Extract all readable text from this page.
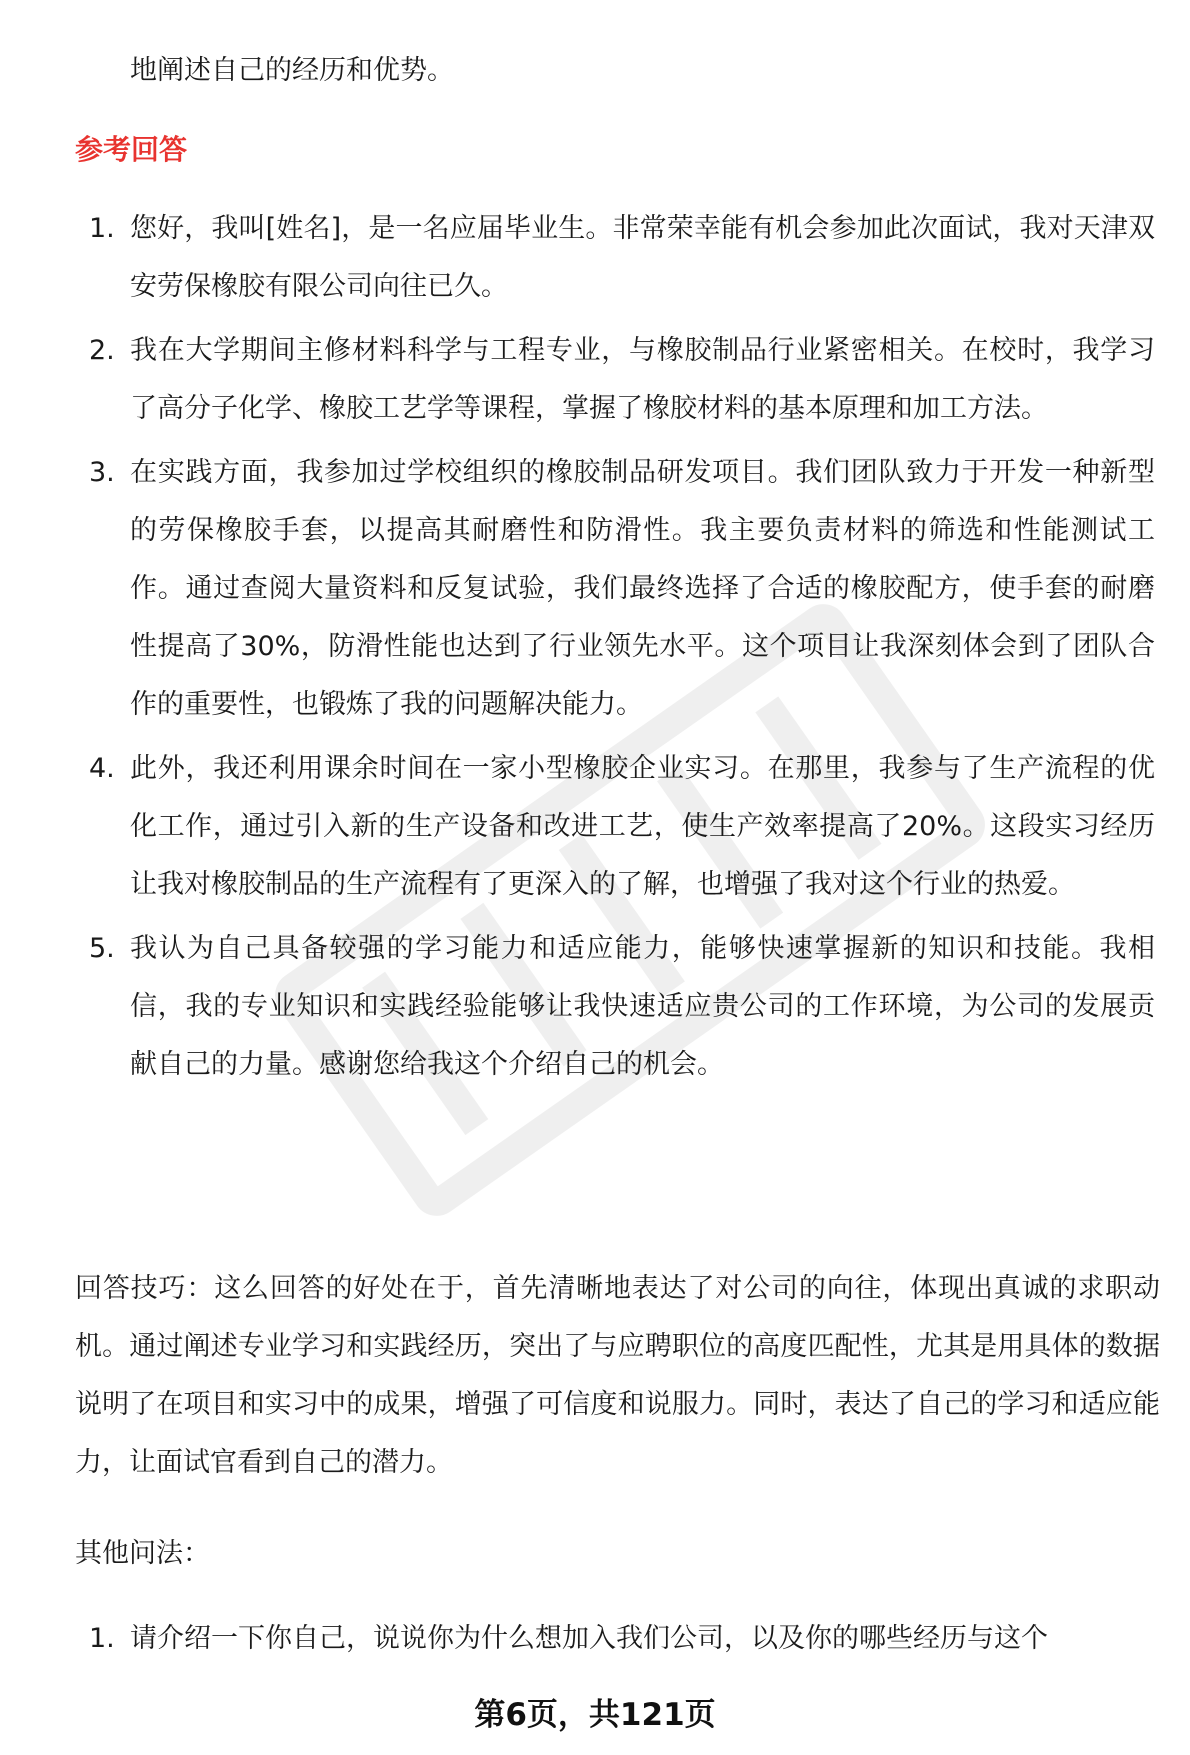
地阐述自己的经历和优势。
参考回答
1. 您好，我叫[姓名]，是一名应届毕业生。非常荣幸能有机会参加此次面试，我对天津双安劳保橡胶有限公司向往已久。
2. 我在大学期间主修材料科学与工程专业，与橡胶制品行业紧密相关。在校时，我学习了高分子化学、橡胶工艺学等课程，掌握了橡胶材料的基本原理和加工方法。
3. 在实践方面，我参加过学校组织的橡胶制品研发项目。我们团队致力于开发一种新型的劳保橡胶手套，以提高其耐磨性和防滑性。我主要负责材料的筛选和性能测试工作。通过查阅大量资料和反复试验，我们最终选择了合适的橡胶配方，使手套的耐磨性提高了30%，防滑性能也达到了行业领先水平。这个项目让我深刻体会到了团队合作的重要性，也锻炼了我的问题解决能力。
4. 此外，我还利用课余时间在一家小型橡胶企业实习。在那里，我参与了生产流程的优化工作，通过引入新的生产设备和改进工艺，使生产效率提高了20%。这段实习经历让我对橡胶制品的生产流程有了更深入的了解，也增强了我对这个行业的热爱。
5. 我认为自己具备较强的学习能力和适应能力，能够快速掌握新的知识和技能。我相信，我的专业知识和实践经验能够让我快速适应贵公司的工作环境，为公司的发展贡献自己的力量。感谢您给我这个介绍自己的机会。
回答技巧：这么回答的好处在于，首先清晰地表达了对公司的向往，体现出真诚的求职动机。通过阐述专业学习和实践经历，突出了与应聘职位的高度匹配性，尤其是用具体的数据说明了在项目和实习中的成果，增强了可信度和说服力。同时，表达了自己的学习和适应能力，让面试官看到自己的潜力。
其他问法：
1. 请介绍一下你自己，说说你为什么想加入我们公司，以及你的哪些经历与这个
第6页，共121页
